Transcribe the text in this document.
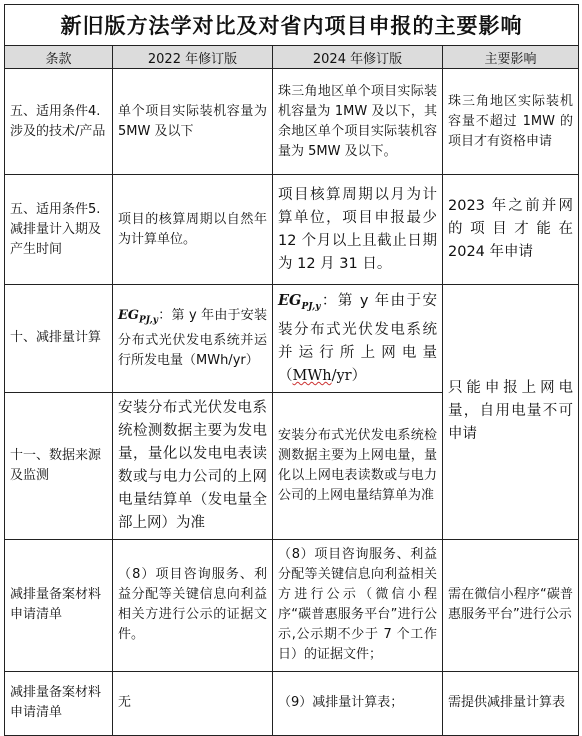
新旧版方法学对比及对省内项目申报的主要影响			
条款	2022 年修订版	2024 年修订版	主要影响
五、适用条件4.涉及的技术/产品	单个项目实际装机容量为 5MW 及以下	珠三角地区单个项目实际装机容量为 1MW 及以下，其余地区单个项目实际装机容量为 5MW 及以下。	珠三角地区实际装机容量不超过 1MW 的项目才有资格申请
五、适用条件5.减排量计入期及产生时间	项目的核算周期以自然年为计算单位。	项目核算周期以月为计算单位，项目申报最少 12 个月以上且截止日期为 12 月 31 日。	2023 年之前并网的项目才能在 2024 年申请
十、减排量计算	$EG_{PJ,y}$：第 y 年由于安装分布式光伏发电系统并运行所发电量（MWh/yr）	$EG_{PJ,y}$：第 y 年由于安装分布式光伏发电系统并运行所上网电量（MWh/yr）	只能申报上网电量，自用电量不可申请
十一、数据来源及监测	安装分布式光伏发电系统检测数据主要为发电量，量化以发电电表读数或与电力公司的上网电量结算单（发电量全部上网）为准	安装分布式光伏发电系统检测数据主要为上网电量，量化以上网电表读数或与电力公司的上网电量结算单为准	
减排量备案材料申请清单	（8）项目咨询服务、利益分配等关键信息向利益相关方进行公示的证据文件。	（8）项目咨询服务、利益分配等关键信息向利益相关方进行公示（微信小程序“碳普惠服务平台”进行公示,公示期不少于 7 个工作日）的证据文件；	需在微信小程序“碳普惠服务平台”进行公示
减排量备案材料申请清单	无	（9）减排量计算表；	需提供减排量计算表
